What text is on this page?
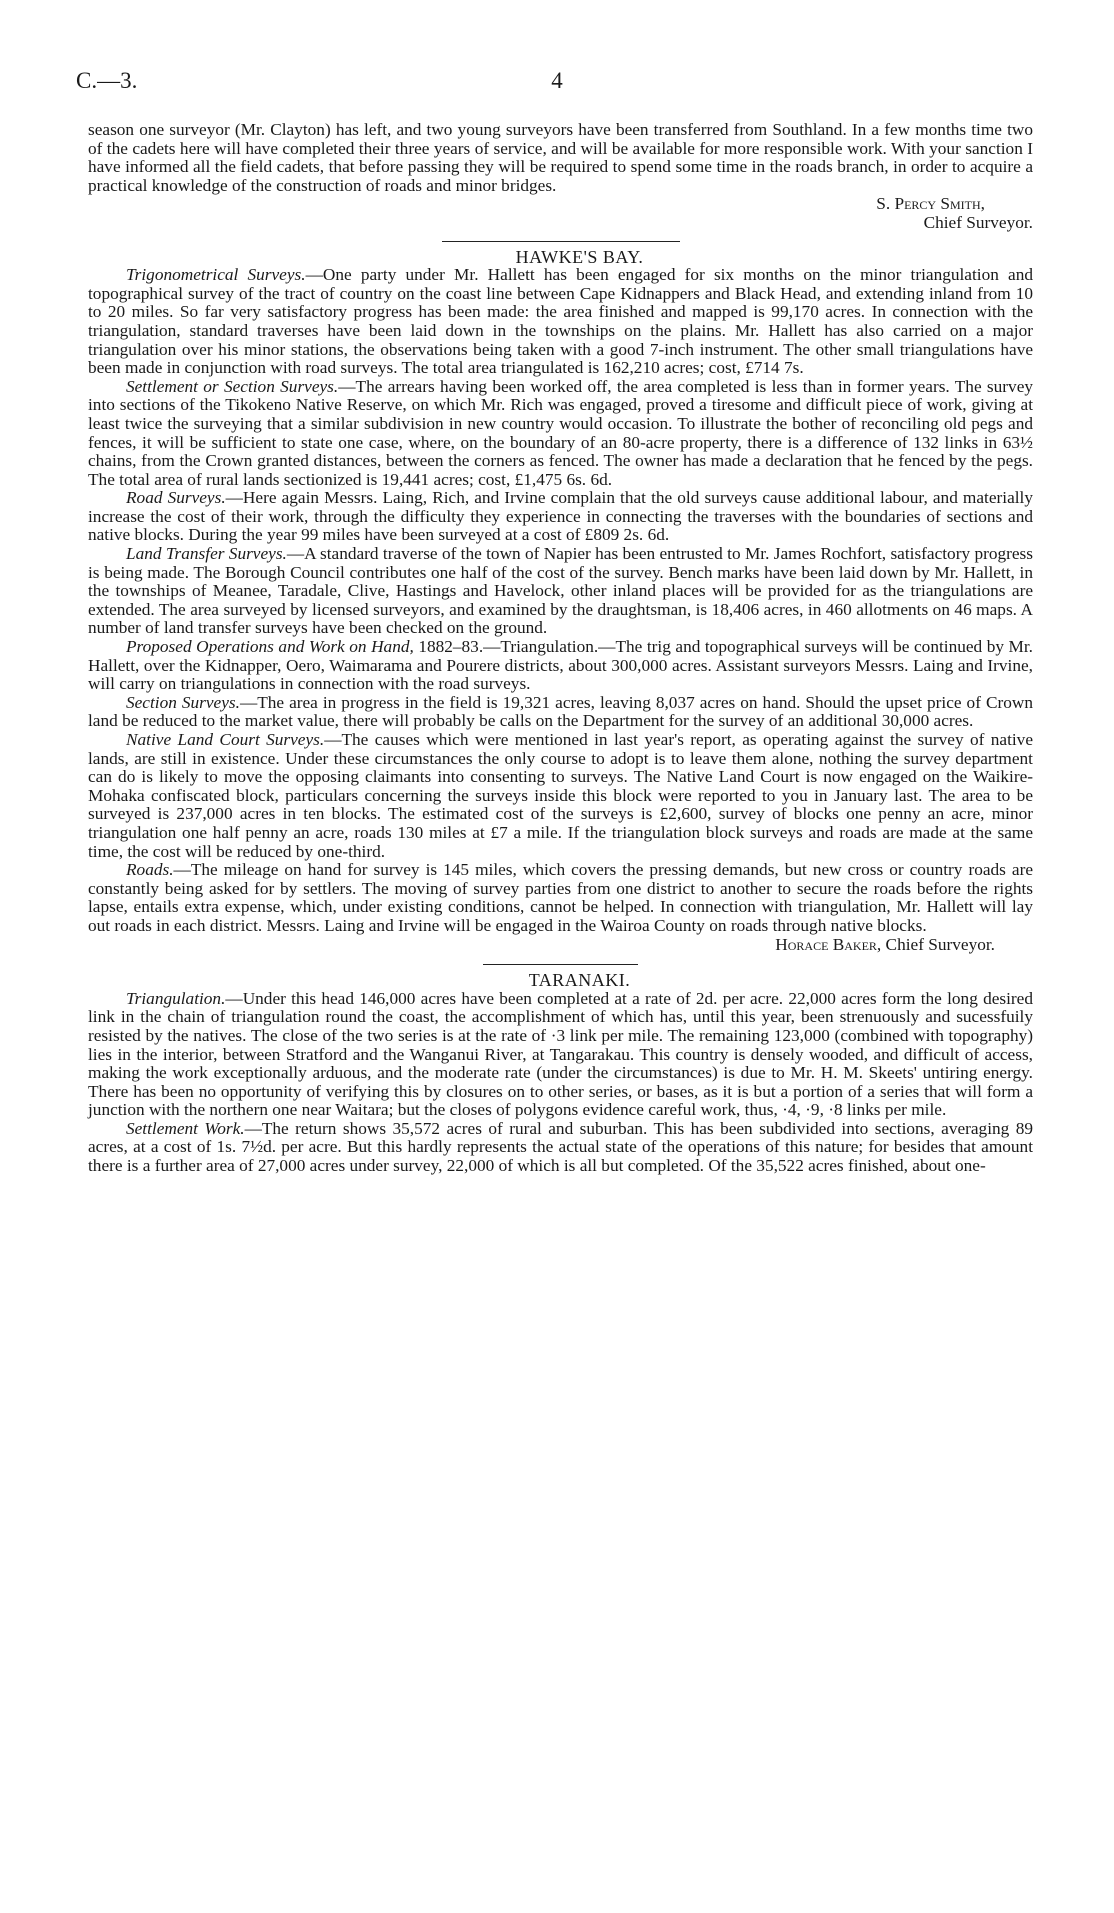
C.—3.	4

season one surveyor (Mr. Clayton) has left, and two young surveyors have been transferred from Southland. In a few months time two of the cadets here will have completed their three years of service, and will be available for more responsible work. With your sanction I have informed all the field cadets, that before passing they will be required to spend some time in the roads branch, in order to acquire a practical knowledge of the construction of roads and minor bridges.

S. Percy Smith,

Chief Surveyor.

HAWKE'S BAY.

Trigonometrical Surveys.—One party under Mr. Hallett has been engaged for six months on the minor triangulation and topographical survey of the tract of country on the coast line between Cape Kidnappers and Black Head, and extending inland from 10 to 20 miles. So far very satisfactory progress has been made: the area finished and mapped is 99,170 acres. In connection with the triangulation, standard traverses have been laid down in the townships on the plains. Mr. Hallett has also carried on a major triangulation over his minor stations, the observations being taken with a good 7-inch instrument. The other small triangulations have been made in conjunction with road surveys. The total area triangulated is 162,210 acres; cost, £714 7s.

Settlement or Section Surveys.—The arrears having been worked off, the area completed is less than in former years. The survey into sections of the Tikokeno Native Reserve, on which Mr. Rich was engaged, proved a tiresome and difficult piece of work, giving at least twice the surveying that a similar subdivision in new country would occasion. To illustrate the bother of reconciling old pegs and fences, it will be sufficient to state one case, where, on the boundary of an 80-acre property, there is a difference of 132 links in 63½ chains, from the Crown granted distances, between the corners as fenced. The owner has made a declaration that he fenced by the pegs. The total area of rural lands sectionized is 19,441 acres; cost, £1,475 6s. 6d.

Road Surveys.—Here again Messrs. Laing, Rich, and Irvine complain that the old surveys cause additional labour, and materially increase the cost of their work, through the difficulty they experience in connecting the traverses with the boundaries of sections and native blocks. During the year 99 miles have been surveyed at a cost of £809 2s. 6d.

Land Transfer Surveys.—A standard traverse of the town of Napier has been entrusted to Mr. James Rochfort, satisfactory progress is being made. The Borough Council contributes one half of the cost of the survey. Bench marks have been laid down by Mr. Hallett, in the townships of Meanee, Taradale, Clive, Hastings and Havelock, other inland places will be provided for as the triangulations are extended. The area surveyed by licensed surveyors, and examined by the draughtsman, is 18,406 acres, in 460 allotments on 46 maps. A number of land transfer surveys have been checked on the ground.

Proposed Operations and Work on Hand, 1882–83.—Triangulation.—The trig and topographical surveys will be continued by Mr. Hallett, over the Kidnapper, Oero, Waimarama and Pourere districts, about 300,000 acres. Assistant surveyors Messrs. Laing and Irvine, will carry on triangulations in connection with the road surveys.

Section Surveys.—The area in progress in the field is 19,321 acres, leaving 8,037 acres on hand. Should the upset price of Crown land be reduced to the market value, there will probably be calls on the Department for the survey of an additional 30,000 acres.

Native Land Court Surveys.—The causes which were mentioned in last year's report, as operating against the survey of native lands, are still in existence. Under these circumstances the only course to adopt is to leave them alone, nothing the survey department can do is likely to move the opposing claimants into consenting to surveys. The Native Land Court is now engaged on the Waikire-Mohaka confiscated block, particulars concerning the surveys inside this block were reported to you in January last. The area to be surveyed is 237,000 acres in ten blocks. The estimated cost of the surveys is £2,600, survey of blocks one penny an acre, minor triangulation one half penny an acre, roads 130 miles at £7 a mile. If the triangulation block surveys and roads are made at the same time, the cost will be reduced by one-third.

Roads.—The mileage on hand for survey is 145 miles, which covers the pressing demands, but new cross or country roads are constantly being asked for by settlers. The moving of survey parties from one district to another to secure the roads before the rights lapse, entails extra expense, which, under existing conditions, cannot be helped. In connection with triangulation, Mr. Hallett will lay out roads in each district. Messrs. Laing and Irvine will be engaged in the Wairoa County on roads through native blocks.

Horace Baker, Chief Surveyor.

TARANAKI.

Triangulation.—Under this head 146,000 acres have been completed at a rate of 2d. per acre. 22,000 acres form the long desired link in the chain of triangulation round the coast, the accomplishment of which has, until this year, been strenuously and sucessfuily resisted by the natives. The close of the two series is at the rate of ·3 link per mile. The remaining 123,000 (combined with topography) lies in the interior, between Stratford and the Wanganui River, at Tangarakau. This country is densely wooded, and difficult of access, making the work exceptionally arduous, and the moderate rate (under the circumstances) is due to Mr. H. M. Skeets' untiring energy. There has been no opportunity of verifying this by closures on to other series, or bases, as it is but a portion of a series that will form a junction with the northern one near Waitara; but the closes of polygons evidence careful work, thus, ·4, ·9, ·8 links per mile.

Settlement Work.—The return shows 35,572 acres of rural and suburban. This has been subdivided into sections, averaging 89 acres, at a cost of 1s. 7½d. per acre. But this hardly represents the actual state of the operations of this nature; for besides that amount there is a further area of 27,000 acres under survey, 22,000 of which is all but completed. Of the 35,522 acres finished, about one-
